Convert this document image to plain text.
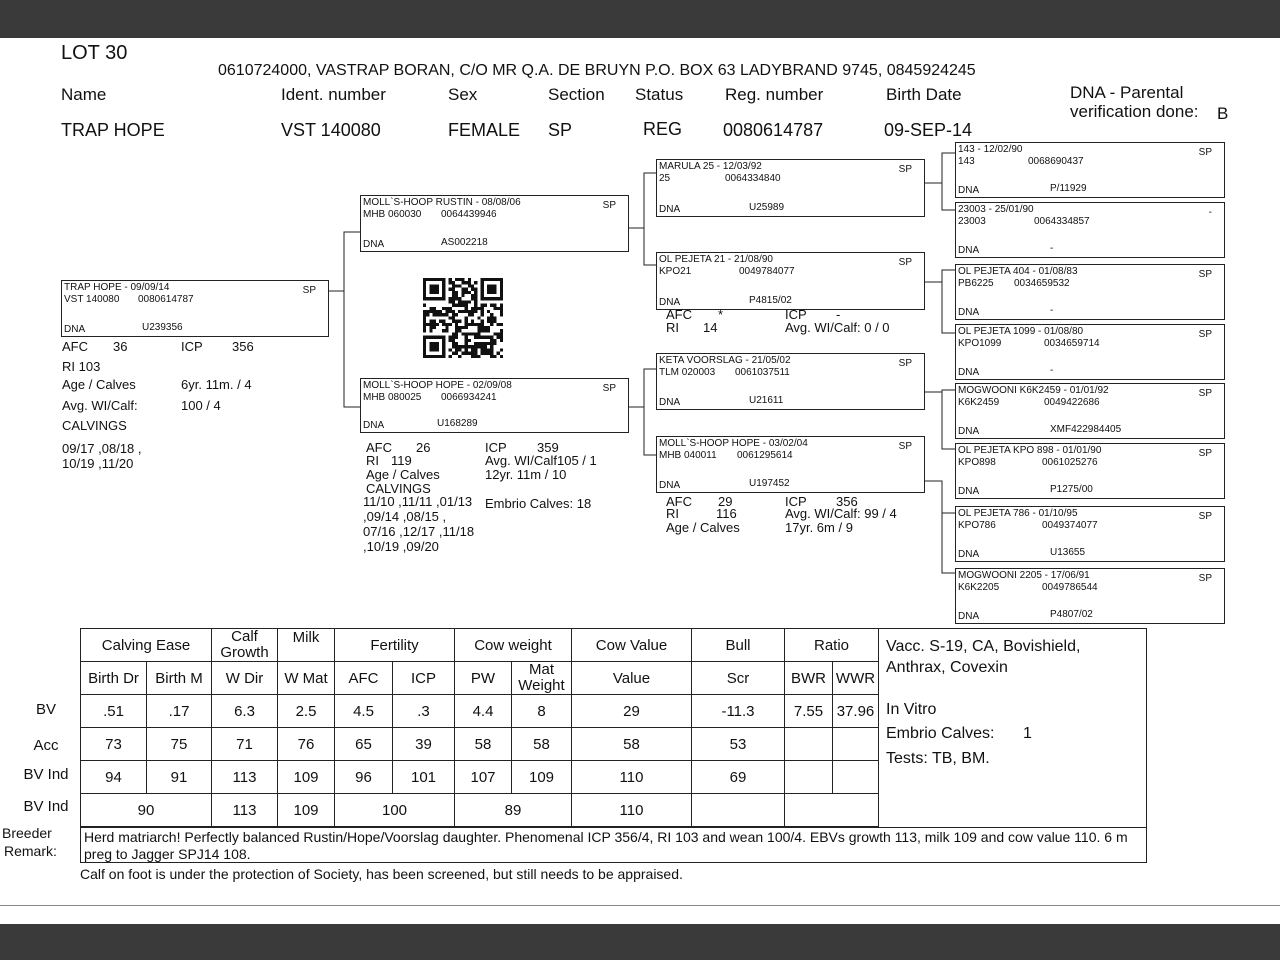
LOT 30
0610724000, VASTRAP BORAN, C/O MR Q.A. DE BRUYN P.O. BOX 63 LADYBRAND 9745, 0845924245
Name	Ident. number	Sex	Section Status Reg. number	Birth Date	DNA - Parental
verification done: B
TRAP HOPE	VST 140080	FEMALE SP	REG 0080614787	09-SEP-14
TRAP HOPE - 09/09/14	SP
VST 140080 0080614787
DNA	U239356
AFC 36	ICP 356
RI 103
Age / Calves	6yr. 11m. / 4
Avg. WI/Calf:	100 / 4
CALVINGS
09/17 ,08/18 ,
10/19 ,11/20
MOLL`S-HOOP RUSTIN - 08/08/06	SP
MHB 060030 0064439946
DNA	AS002218
MOLL`S-HOOP HOPE - 02/09/08	SP
MHB 080025 0066934241
DNA	U168289
AFC 26	ICP 359
RI 119	Avg. WI/Calf105 / 1
Age / Calves	12yr. 11m / 10
CALVINGS
Embrio Calves: 18
11/10 ,11/11 ,01/13
,09/14 ,08/15 ,
07/16 ,12/17 ,11/18
,10/19 ,09/20
MARULA 25 - 12/03/92	SP
25	0064334840
DNA	U25989
OL PEJETA 21 - 21/08/90	SP
KPO21	0049784077
DNA	P4815/02
AFC *	ICP -
RI 14	Avg. WI/Calf: 0 / 0
KETA VOORSLAG - 21/05/02	SP
TLM 020003 0061037511
DNA	U21611
MOLL`S-HOOP HOPE - 03/02/04	SP
MHB 040011 0061295614
DNA	U197452
AFC 29	ICP 356
RI	116	Avg. WI/Calf: 99 / 4
Age / Calves	17yr. 6m / 9
143 - 12/02/90	SP
143	0068690437
DNA	P/11929
23003 - 25/01/90	-
23003	0064334857
DNA	-
OL PEJETA 404 - 01/08/83	SP
PB6225 0034659532
DNA	-
OL PEJETA 1099 - 01/08/80	SP
KPO1099	0034659714
DNA	-
MOGWOONI K6K2459 - 01/01/92	SP
K6K2459	0049422686
DNA	XMF422984405
OL PEJETA KPO 898 - 01/01/90	SP
KPO898	0061025276
DNA	P1275/00
OL PEJETA 786 - 01/10/95	SP
KPO786	0049374077
DNA	U13655
MOGWOONI 2205 - 17/06/91	SP
K6K2205	0049786544
DNA	P4807/02
BV
Acc
BV Ind
BV Ind
Calving Ease		Calf Growth	Milk	Fertility		Cow weight		Cow Value	Bull	Ratio	
Birth Dr	Birth M	W Dir	W Mat	AFC	ICP	PW	Mat Weight	Value	Scr	BWR	WWR
.51	.17	6.3	2.5	4.5	.3	4.4	8	29	-11.3	7.55	37.96
73	75	71	76	65	39	58	58	58	53		
94	91	113	109	96	101	107	109	110	69		
90		113	109	100		89		110			
Vacc. S-19, CA, Bovishield, Anthrax, Covexin
In Vitro
Embrio Calves: 1
Tests: TB, BM.
Breeder
Remark:
Herd matriarch! Perfectly balanced Rustin/Hope/Voorslag daughter. Phenomenal ICP 356/4, RI 103 and wean 100/4. EBVs growth 113, milk 109 and cow value 110. 6 m preg to Jagger SPJ14 108.
Calf on foot is under the protection of Society, has been screened, but still needs to be appraised.
